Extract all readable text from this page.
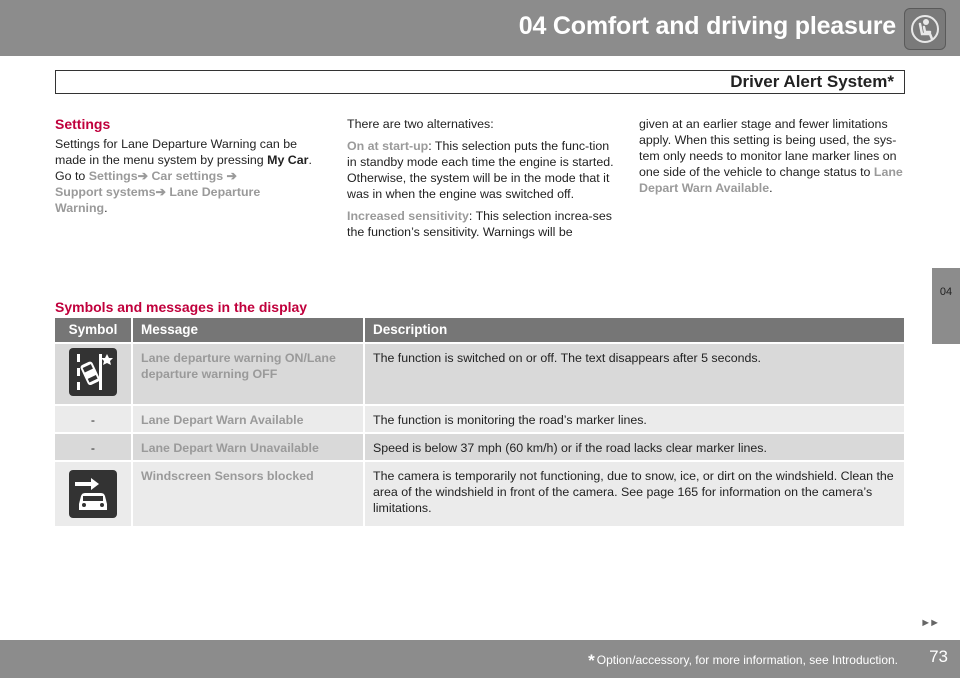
04 Comfort and driving pleasure
Driver Alert System*
04
Settings

Settings for Lane Departure Warning can be made in the menu system by pressing My Car. Go to Settings➔ Car settings ➔
Support systems➔ Lane Departure Warning.

There are two alternatives:

On at start-up: This selection puts the func-tion in standby mode each time the engine is started. Otherwise, the system will be in the mode that it was in when the engine was switched off.

Increased sensitivity: This selection increa-ses the function’s sensitivity. Warnings will be

given at an earlier stage and fewer limitations apply. When this setting is being used, the sys-tem only needs to monitor lane marker lines on one side of the vehicle to change status to Lane Depart Warn Available.

Symbols and messages in the display
Symbol	Message	Description
	Lane departure warning ON/Lane departure warning OFF	The function is switched on or off. The text disappears after 5 seconds.
-	Lane Depart Warn Available	The function is monitoring the road’s marker lines.
-	Lane Depart Warn Unavailable	Speed is below 37 mph (60 km/h) or if the road lacks clear marker lines.
	Windscreen Sensors blocked	The camera is temporarily not functioning, due to snow, ice, or dirt on the windshield. Clean the area of the windshield in front of the camera. See page 165 for information on the camera’s limitations.
►►
* Option/accessory, for more information, see Introduction. 73
